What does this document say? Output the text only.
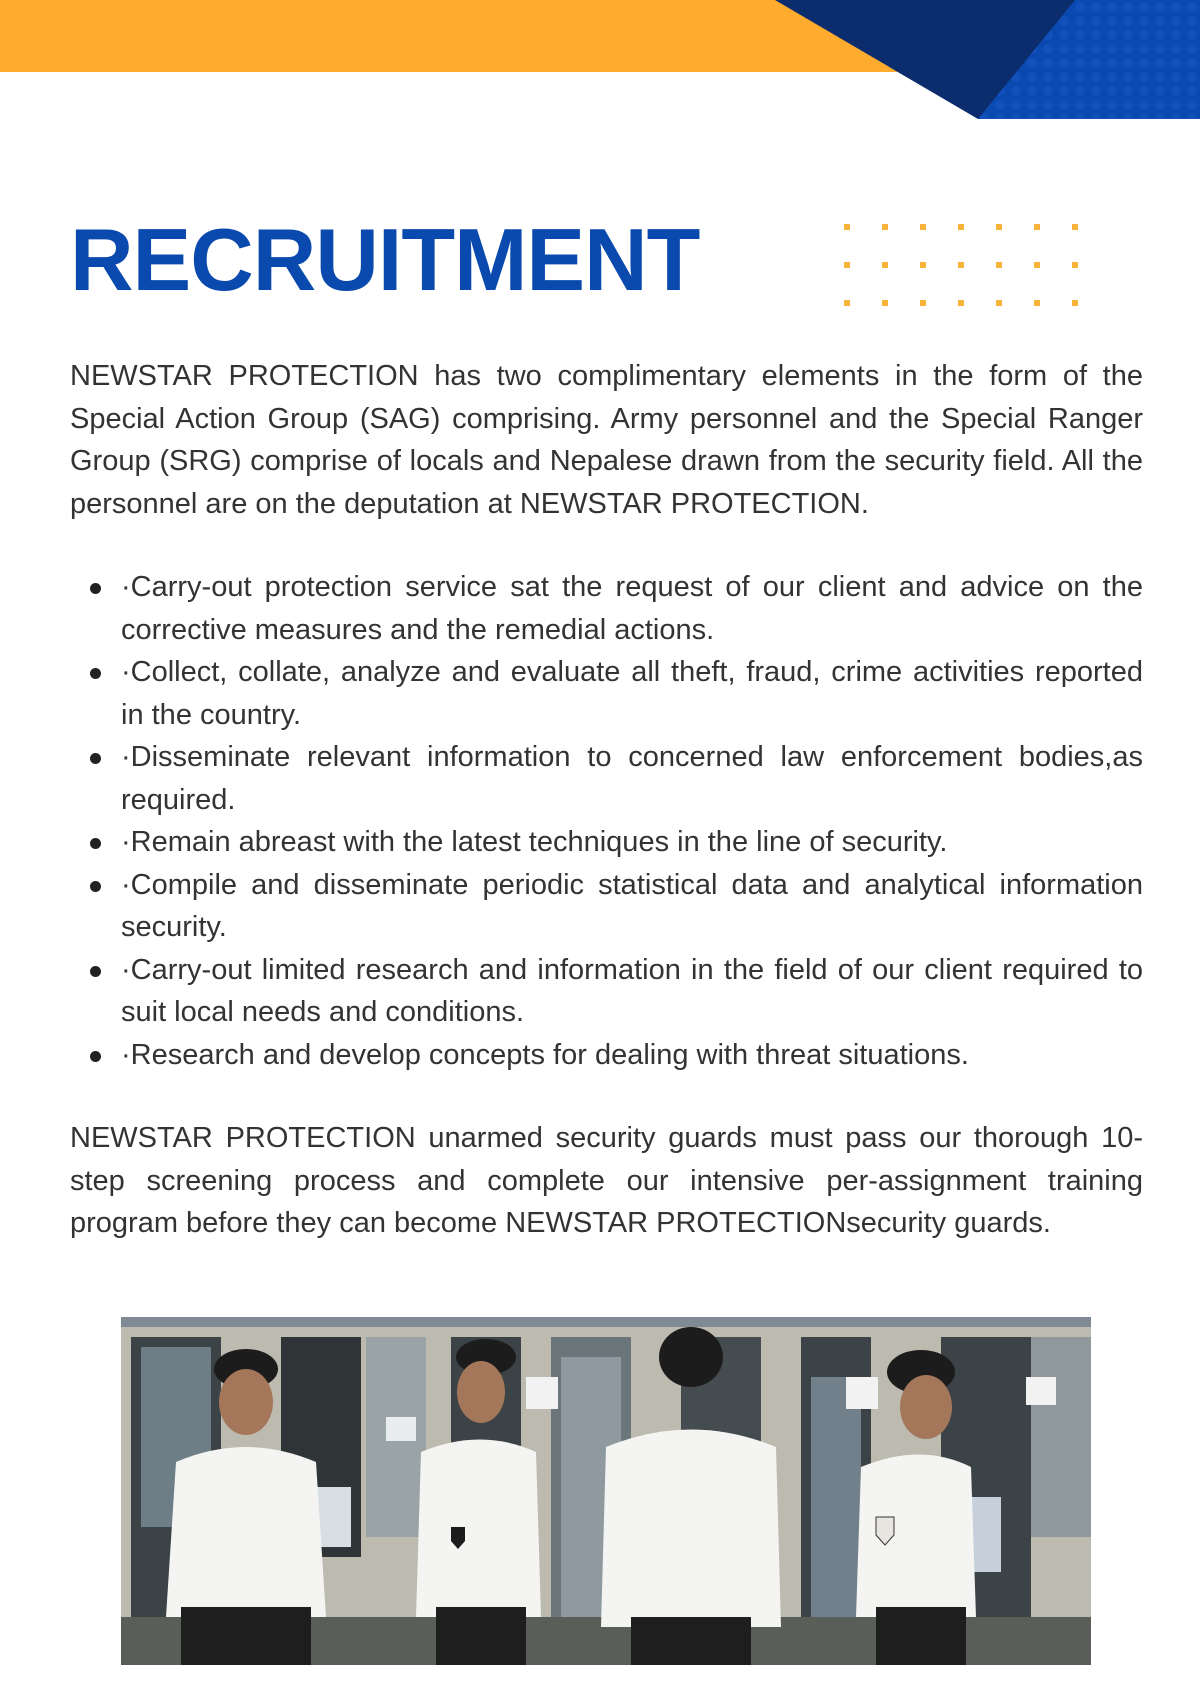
RECRUITMENT

NEWSTAR PROTECTION has two complimentary elements in the form of the Special Action Group (SAG) comprising. Army personnel and the Special Ranger Group (SRG) comprise of locals and Nepalese drawn from the security field. All the personnel are on the deputation at NEWSTAR PROTECTION.

·Carry-out protection service sat the request of our client and advice on the corrective measures and the remedial actions.
·Collect, collate, analyze and evaluate all theft, fraud, crime activities reported in the country.
·Disseminate relevant information to concerned law enforcement bodies,as required.
·Remain abreast with the latest techniques in the line of security.
·Compile and disseminate periodic statistical data and analytical information security.
·Carry-out limited research and information in the field of our client required to suit local needs and conditions.
·Research and develop concepts for dealing with threat situations.

NEWSTAR PROTECTION unarmed security guards must pass our thorough 10-step screening process and complete our intensive per-assignment training program before they can become NEWSTAR PROTECTIONsecurity guards.
